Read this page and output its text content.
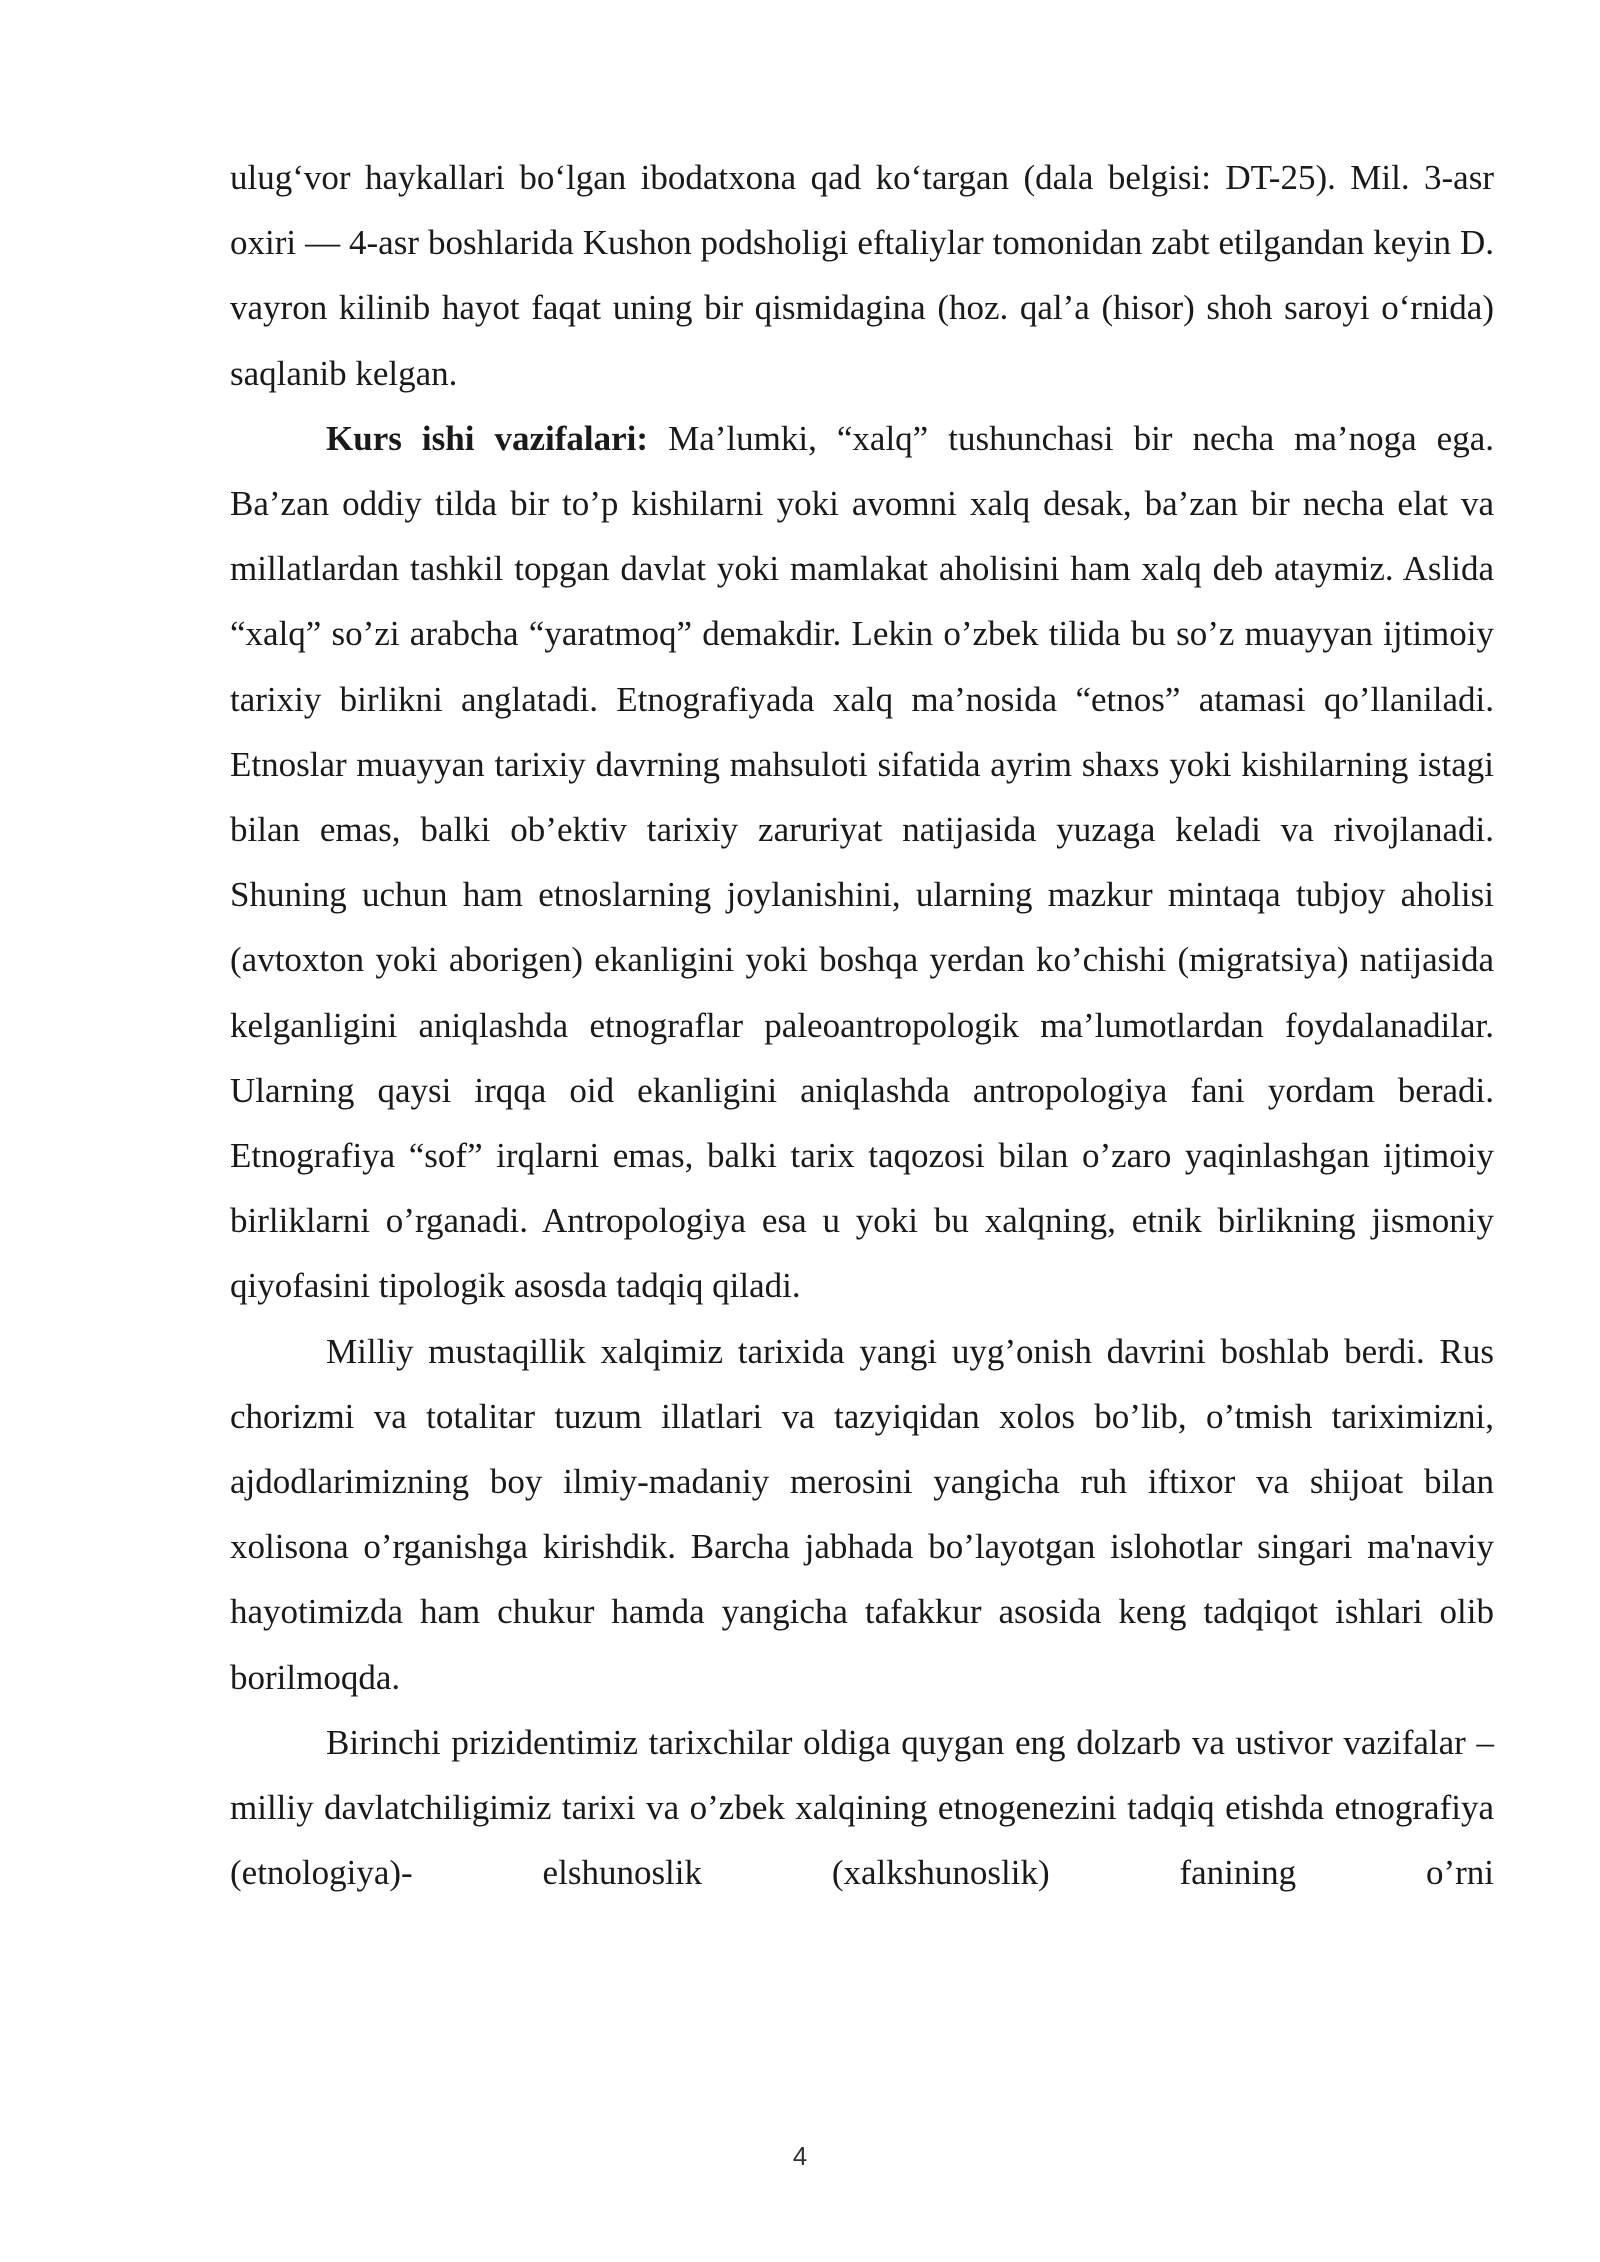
ulug‘vor haykallari bo‘lgan ibodatxona qad ko‘targan (dala belgisi: DT-25). Mil. 3-asr oxiri — 4-asr boshlarida Kushon podsholigi eftaliylar tomonidan zabt etilgandan keyin D. vayron kilinib hayot faqat uning bir qismidagina (hoz. qal’a (hisor) shoh saroyi o‘rnida) saqlanib kelgan.

Kurs ishi vazifalari: Ma’lumki, “xalq” tushunchasi bir necha ma’noga ega. Ba’zan oddiy tilda bir to’p kishilarni yoki avomni xalq desak, ba’zan bir necha elat va millatlardan tashkil topgan davlat yoki mamlakat aholisini ham xalq deb ataymiz. Aslida “xalq” so’zi arabcha “yaratmoq” demakdir. Lekin o’zbek tilida bu so’z muayyan ijtimoiy tarixiy birlikni anglatadi. Etnografiyada xalq ma’nosida “etnos” atamasi qo’llaniladi. Etnoslar muayyan tarixiy davrning mahsuloti sifatida ayrim shaxs yoki kishilarning istagi bilan emas, balki ob’ektiv tarixiy zaruriyat natijasida yuzaga keladi va rivojlanadi. Shuning uchun ham etnoslarning joylanishini, ularning mazkur mintaqa tubjoy aholisi (avtoxton yoki aborigen) ekanligini yoki boshqa yerdan ko’chishi (migratsiya) natijasida kelganligini aniqlashda etnograflar paleoantropologik ma’lumotlardan foydalanadilar. Ularning qaysi irqqa oid ekanligini aniqlashda antropologiya fani yordam beradi. Etnografiya “sof” irqlarni emas, balki tarix taqozosi bilan o’zaro yaqinlashgan ijtimoiy birliklarni o’rganadi. Antropologiya esa u yoki bu xalqning, etnik birlikning jismoniy qiyofasini tipologik asosda tadqiq qiladi.

Milliy mustaqillik xalqimiz tarixida yangi uyg’onish davrini boshlab berdi. Rus chorizmi va totalitar tuzum illatlari va tazyiqidan xolos bo’lib, o’tmish tariximizni, ajdodlarimizning boy ilmiy-madaniy merosini yangicha ruh iftixor va shijoat bilan xolisona o’rganishga kirishdik. Barcha jabhada bo’layotgan islohotlar singari ma'naviy hayotimizda ham chukur hamda yangicha tafakkur asosida keng tadqiqot ishlari olib borilmoqda.

Birinchi prizidentimiz tarixchilar oldiga quygan eng dolzarb va ustivor vazifalar – milliy davlatchiligimiz tarixi va o’zbek xalqining etnogenezini tadqiq etishda etnografiya (etnologiya)- elshunoslik (xalkshunoslik) fanining o’rni

4
